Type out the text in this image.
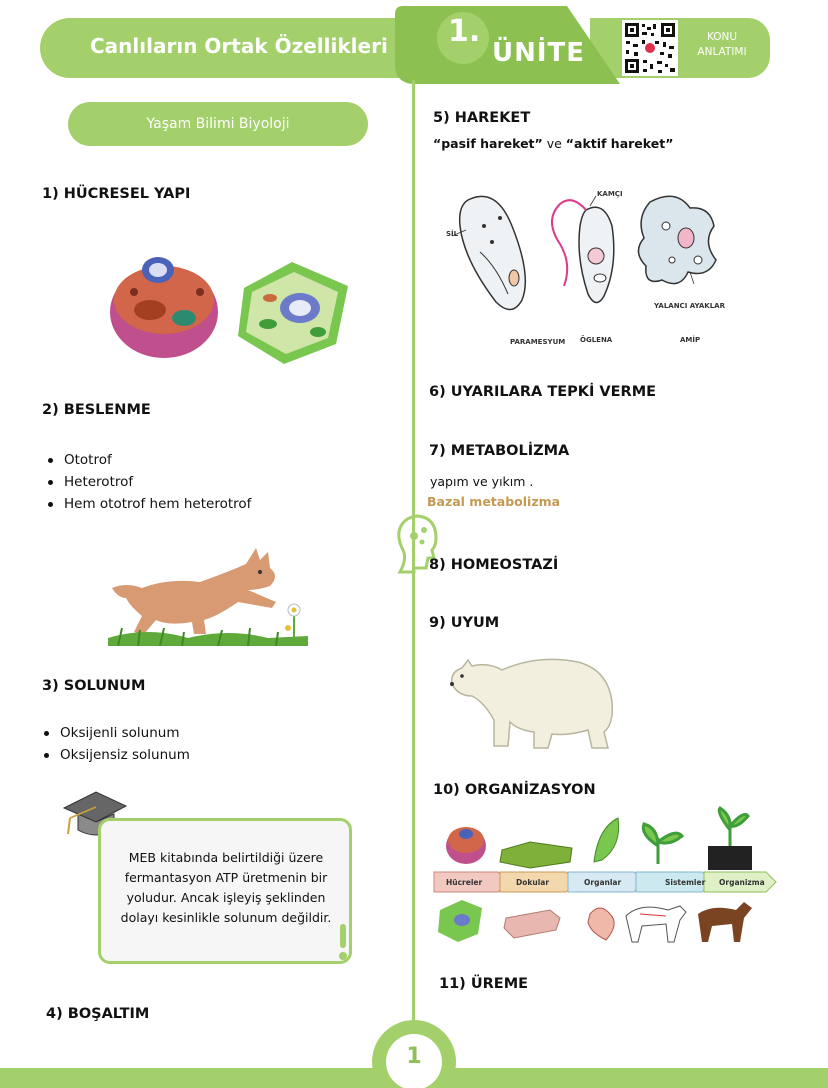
Canlıların Ortak Özellikleri 1.
ÜNİTE
KONU
ANLATIMI
Yaşam Bilimi Biyoloji
1) HÜCRESEL YAPI
2) BESLENME
Ototrof
Heterotrof
Hem ototrof hem heterotrof
3) SOLUNUM
Oksijenli solunum
Oksijensiz solunum
MEB kitabında belirtildiği üzere
fermantasyon ATP üretmenin bir
yoludur. Ancak işleyiş şeklinden
dolayı kesinlikle solunum değildir.
4) BOŞALTIM
5) HAREKET
“pasif hareket” ve “aktif hareket”
SİL
KAMÇI
YALANCI AYAKLAR
PARAMESYUM ÖGLENA	AMİP
6) UYARILARA TEPKİ VERME
7) METABOLİZMA
yapım ve yıkım .
Bazal metabolizma
8) HOMEOSTAZİ
9) UYUM
10) ORGANİZASYON
Hücreler	Dokular	Organlar	Sistemler Organizma
11) ÜREME
1
